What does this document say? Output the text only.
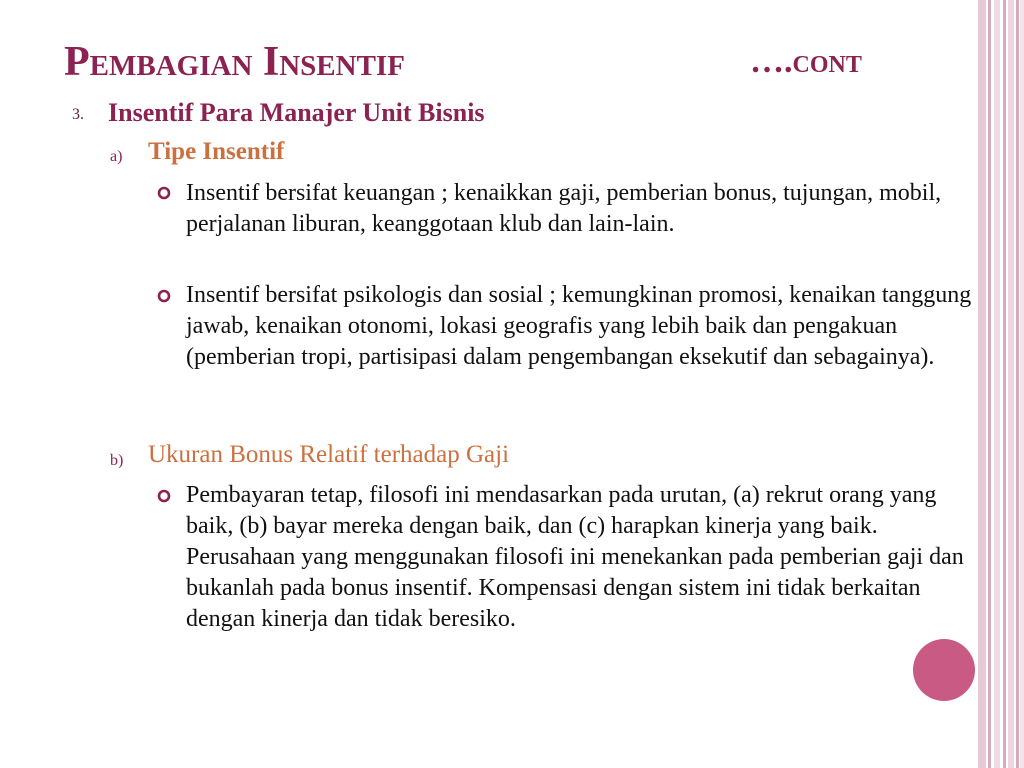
Pembagian Insentif	….cont
3. Insentif Para Manajer Unit Bisnis
a) Tipe Insentif
Insentif bersifat keuangan ; kenaikkan gaji, pemberian bonus, tujungan, mobil, perjalanan liburan, keanggotaan klub dan lain-lain.
Insentif bersifat psikologis dan sosial ; kemungkinan promosi, kenaikan tanggung jawab, kenaikan otonomi, lokasi geografis yang lebih baik dan pengakuan (pemberian tropi, partisipasi dalam pengembangan eksekutif dan sebagainya).
b) Ukuran Bonus Relatif terhadap Gaji
Pembayaran tetap, filosofi ini mendasarkan pada urutan, (a) rekrut orang yang baik, (b) bayar mereka dengan baik, dan (c) harapkan kinerja yang baik. Perusahaan yang menggunakan filosofi ini menekankan pada pemberian gaji dan bukanlah pada bonus insentif. Kompensasi dengan sistem ini tidak berkaitan dengan kinerja dan tidak beresiko.
